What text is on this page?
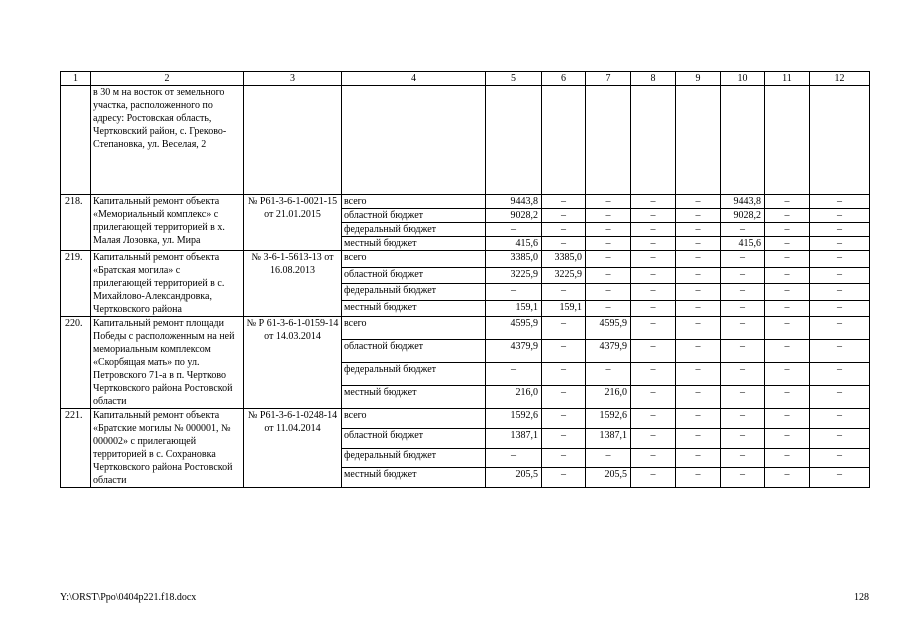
1	2	3	4	5	6	7	8	9	10	11	12
	в 30 м на восток от земельного участка, расположенного по адресу: Ростовская область, Чертковский район, с. Греково-Степановка, ул. Веселая, 2										
218.	Капитальный ремонт объекта «Мемориальный комплекс» с прилегающей территорией в х. Малая Лозовка, ул. Мира	№ Р61-3-6-1-0021-15 от 21.01.2015	всего	9443,8	–	–	–	–	9443,8	–	–
			областной бюджет	9028,2	–	–	–	–	9028,2	–	–
			федеральный бюджет	–	–	–	–	–	–	–	–
			местный бюджет	415,6	–	–	–	–	415,6	–	–
219.	Капитальный ремонт объекта «Братская могила» с прилегающей территорией в с. Михайлово-Александровка, Чертковского района	№ 3-6-1-5613-13 от 16.08.2013	всего	3385,0	3385,0	–	–	–	–	–	–
			областной бюджет	3225,9	3225,9	–	–	–	–	–	–
			федеральный бюджет	–	–	–	–	–	–	–	–
			местный бюджет	159,1	159,1	–	–	–	–	–	–
220.	Капитальный ремонт площади Победы с расположенным на ней мемориальным комплексом «Скорбящая мать» по ул. Петровского 71-а в п. Чертково Чертковского района Ростовской области	№ Р 61-3-6-1-0159-14 от 14.03.2014	всего	4595,9	–	4595,9	–	–	–	–	–
			областной бюджет	4379,9	–	4379,9	–	–	–	–	–
			федеральный бюджет	–	–	–	–	–	–	–	–
			местный бюджет	216,0	–	216,0	–	–	–	–	–
221.	Капитальный ремонт объекта «Братские могилы № 000001, № 000002» с прилегающей территорией в с. Сохрановка Чертковского района Ростовской области	№ Р61-3-6-1-0248-14 от 11.04.2014	всего	1592,6	–	1592,6	–	–	–	–	–
			областной бюджет	1387,1	–	1387,1	–	–	–	–	–
			федеральный бюджет	–	–	–	–	–	–	–	–
			местный бюджет	205,5	–	205,5	–	–	–	–	–
Y:\ORST\Ppo\0404p221.f18.docx	128
